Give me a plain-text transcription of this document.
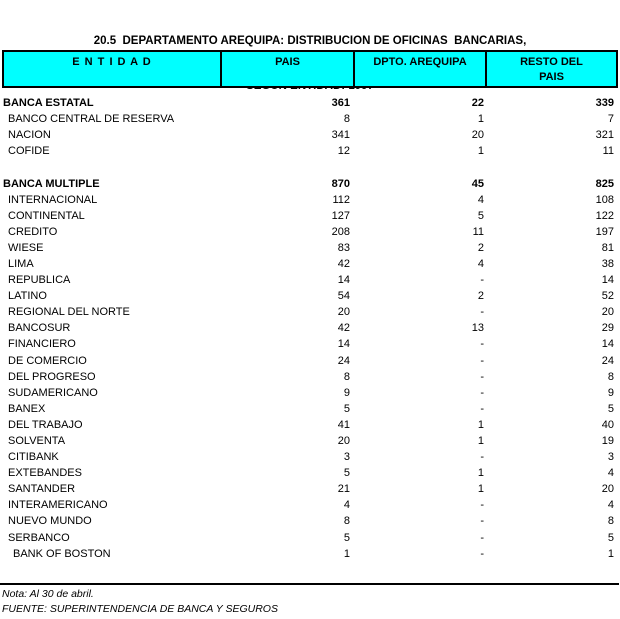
20.5  DEPARTAMENTO AREQUIPA: DISTRIBUCION DE OFICINAS  BANCARIAS,

E N T I D A D	PAIS	DPTO. AREQUIPA	RESTO DEL
PAIS
BANCA ESTATAL	361	22	339
BANCO CENTRAL DE RESERVA	8	1	7
NACION	341	20	321
COFIDE	12	1	11
BANCA MULTIPLE	870	45	825
INTERNACIONAL	112	4	108
CONTINENTAL	127	5	122
CREDITO	208	11	197
WIESE	83	2	81
LIMA	42	4	38
REPUBLICA	14	-	14
LATINO	54	2	52
REGIONAL DEL NORTE	20	-	20
BANCOSUR	42	13	29
FINANCIERO	14	-	14
DE COMERCIO	24	-	24
DEL PROGRESO	8	-	8
SUDAMERICANO	9	-	9
BANEX	5	-	5
DEL TRABAJO	41	1	40
SOLVENTA	20	1	19
CITIBANK	3	-	3
EXTEBANDES	5	1	4
SANTANDER	21	1	20
INTERAMERICANO	4	-	4
NUEVO MUNDO	8	-	8
SERBANCO	5	-	5
BANK OF BOSTON	1	-	1
Nota: Al 30 de abril.
FUENTE: SUPERINTENDENCIA DE BANCA Y SEGUROS
